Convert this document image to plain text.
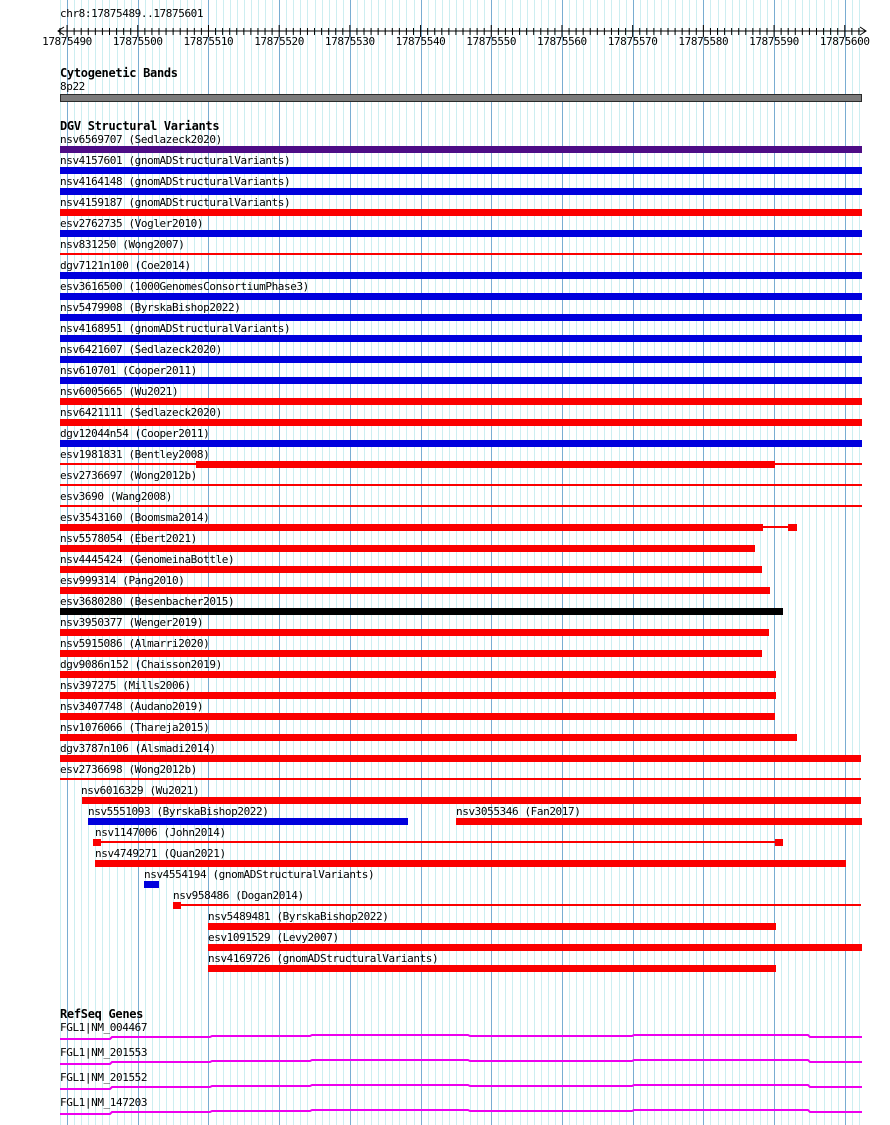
chr8:17875489..17875601
17875490	17875500	17875510	17875520	17875530	17875540	17875550	17875560	17875570	17875580	17875590	17875600
Cytogenetic Bands
8p22
DGV Structural Variants
nsv6569707 (Sedlazeck2020)
nsv4157601 (gnomADStructuralVariants)
nsv4164148 (gnomADStructuralVariants)
nsv4159187 (gnomADStructuralVariants)
esv2762735 (Vogler2010)
nsv831250 (Wong2007)
dgv7121n100 (Coe2014)
esv3616500 (1000GenomesConsortiumPhase3)
nsv5479908 (ByrskaBishop2022)
nsv4168951 (gnomADStructuralVariants)
nsv6421607 (Sedlazeck2020)
nsv610701 (Cooper2011)
nsv6005665 (Wu2021)
nsv6421111 (Sedlazeck2020)
dgv12044n54 (Cooper2011)
esv1981831 (Bentley2008)
esv2736697 (Wong2012b)
esv3690 (Wang2008)
esv3543160 (Boomsma2014)
nsv5578054 (Ebert2021)
nsv4445424 (GenomeinaBottle)
esv999314 (Pang2010)
esv3680280 (Besenbacher2015)
nsv3950377 (Wenger2019)
nsv5915086 (Almarri2020)
dgv9086n152 (Chaisson2019)
nsv397275 (Mills2006)
nsv3407748 (Audano2019)
nsv1076066 (Thareja2015)
dgv3787n106 (Alsmadi2014)
esv2736698 (Wong2012b)
nsv6016329 (Wu2021)
nsv5551093 (ByrskaBishop2022)	nsv3055346 (Fan2017)
nsv1147006 (John2014)
nsv4749271 (Quan2021)
nsv4554194 (gnomADStructuralVariants)
nsv958486 (Dogan2014)
nsv5489481 (ByrskaBishop2022)
esv1091529 (Levy2007)
nsv4169726 (gnomADStructuralVariants)
RefSeq Genes
FGL1|NM_004467
FGL1|NM_201553
FGL1|NM_201552
FGL1|NM_147203
